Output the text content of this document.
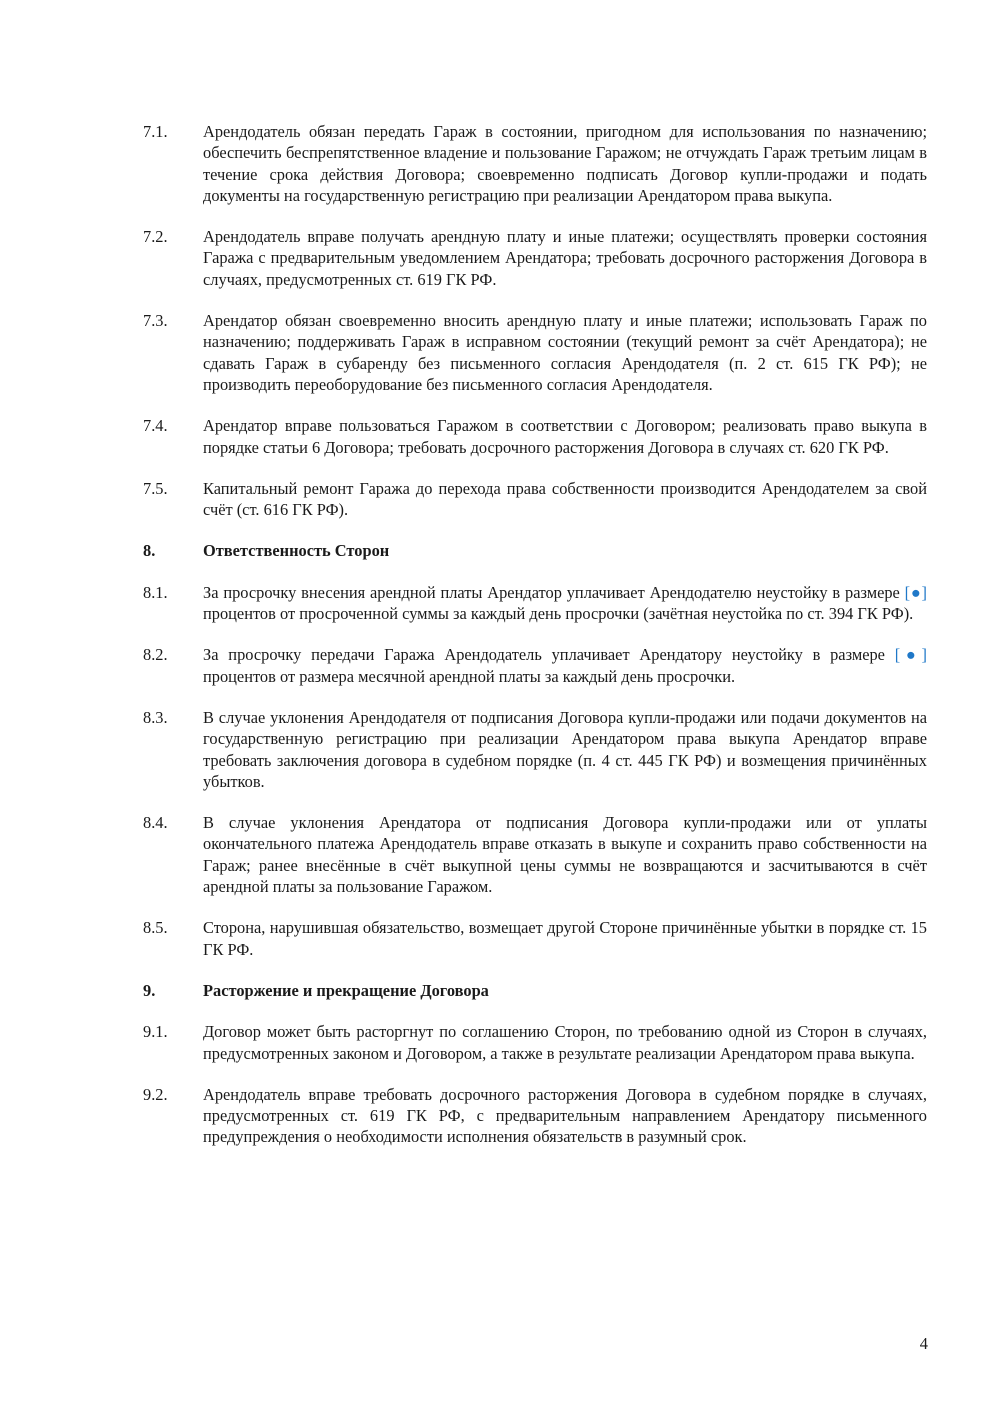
7.1.	Арендодатель обязан передать Гараж в состоянии, пригодном для использования по назначению; обеспечить беспрепятственное владение и пользование Гаражом; не отчуждать Гараж третьим лицам в течение срока действия Договора; своевременно подписать Договор купли-продажи и подать документы на государственную регистрацию при реализации Арендатором права выкупа.
7.2.	Арендодатель вправе получать арендную плату и иные платежи; осуществлять проверки состояния Гаража с предварительным уведомлением Арендатора; требовать досрочного расторжения Договора в случаях, предусмотренных ст. 619 ГК РФ.
7.3.	Арендатор обязан своевременно вносить арендную плату и иные платежи; использовать Гараж по назначению; поддерживать Гараж в исправном состоянии (текущий ремонт за счёт Арендатора); не сдавать Гараж в субаренду без письменного согласия Арендодателя (п. 2 ст. 615 ГК РФ); не производить переоборудование без письменного согласия Арендодателя.
7.4.	Арендатор вправе пользоваться Гаражом в соответствии с Договором; реализовать право выкупа в порядке статьи 6 Договора; требовать досрочного расторжения Договора в случаях ст. 620 ГК РФ.
7.5.	Капитальный ремонт Гаража до перехода права собственности производится Арендодателем за свой счёт (ст. 616 ГК РФ).
8.	Ответственность Сторон
8.1.	За просрочку внесения арендной платы Арендатор уплачивает Арендодателю неустойку в размере [●] процентов от просроченной суммы за каждый день просрочки (зачётная неустойка по ст. 394 ГК РФ).
8.2.	За просрочку передачи Гаража Арендодатель уплачивает Арендатору неустойку в размере [●] процентов от размера месячной арендной платы за каждый день просрочки.
8.3.	В случае уклонения Арендодателя от подписания Договора купли-продажи или подачи документов на государственную регистрацию при реализации Арендатором права выкупа Арендатор вправе требовать заключения договора в судебном порядке (п. 4 ст. 445 ГК РФ) и возмещения причинённых убытков.
8.4.	В случае уклонения Арендатора от подписания Договора купли-продажи или от уплаты окончательного платежа Арендодатель вправе отказать в выкупе и сохранить право собственности на Гараж; ранее внесённые в счёт выкупной цены суммы не возвращаются и засчитываются в счёт арендной платы за пользование Гаражом.
8.5.	Сторона, нарушившая обязательство, возмещает другой Стороне причинённые убытки в порядке ст. 15 ГК РФ.
9.	Расторжение и прекращение Договора
9.1.	Договор может быть расторгнут по соглашению Сторон, по требованию одной из Сторон в случаях, предусмотренных законом и Договором, а также в результате реализации Арендатором права выкупа.
9.2.	Арендодатель вправе требовать досрочного расторжения Договора в судебном порядке в случаях, предусмотренных ст. 619 ГК РФ, с предварительным направлением Арендатору письменного предупреждения о необходимости исполнения обязательств в разумный срок.
4
